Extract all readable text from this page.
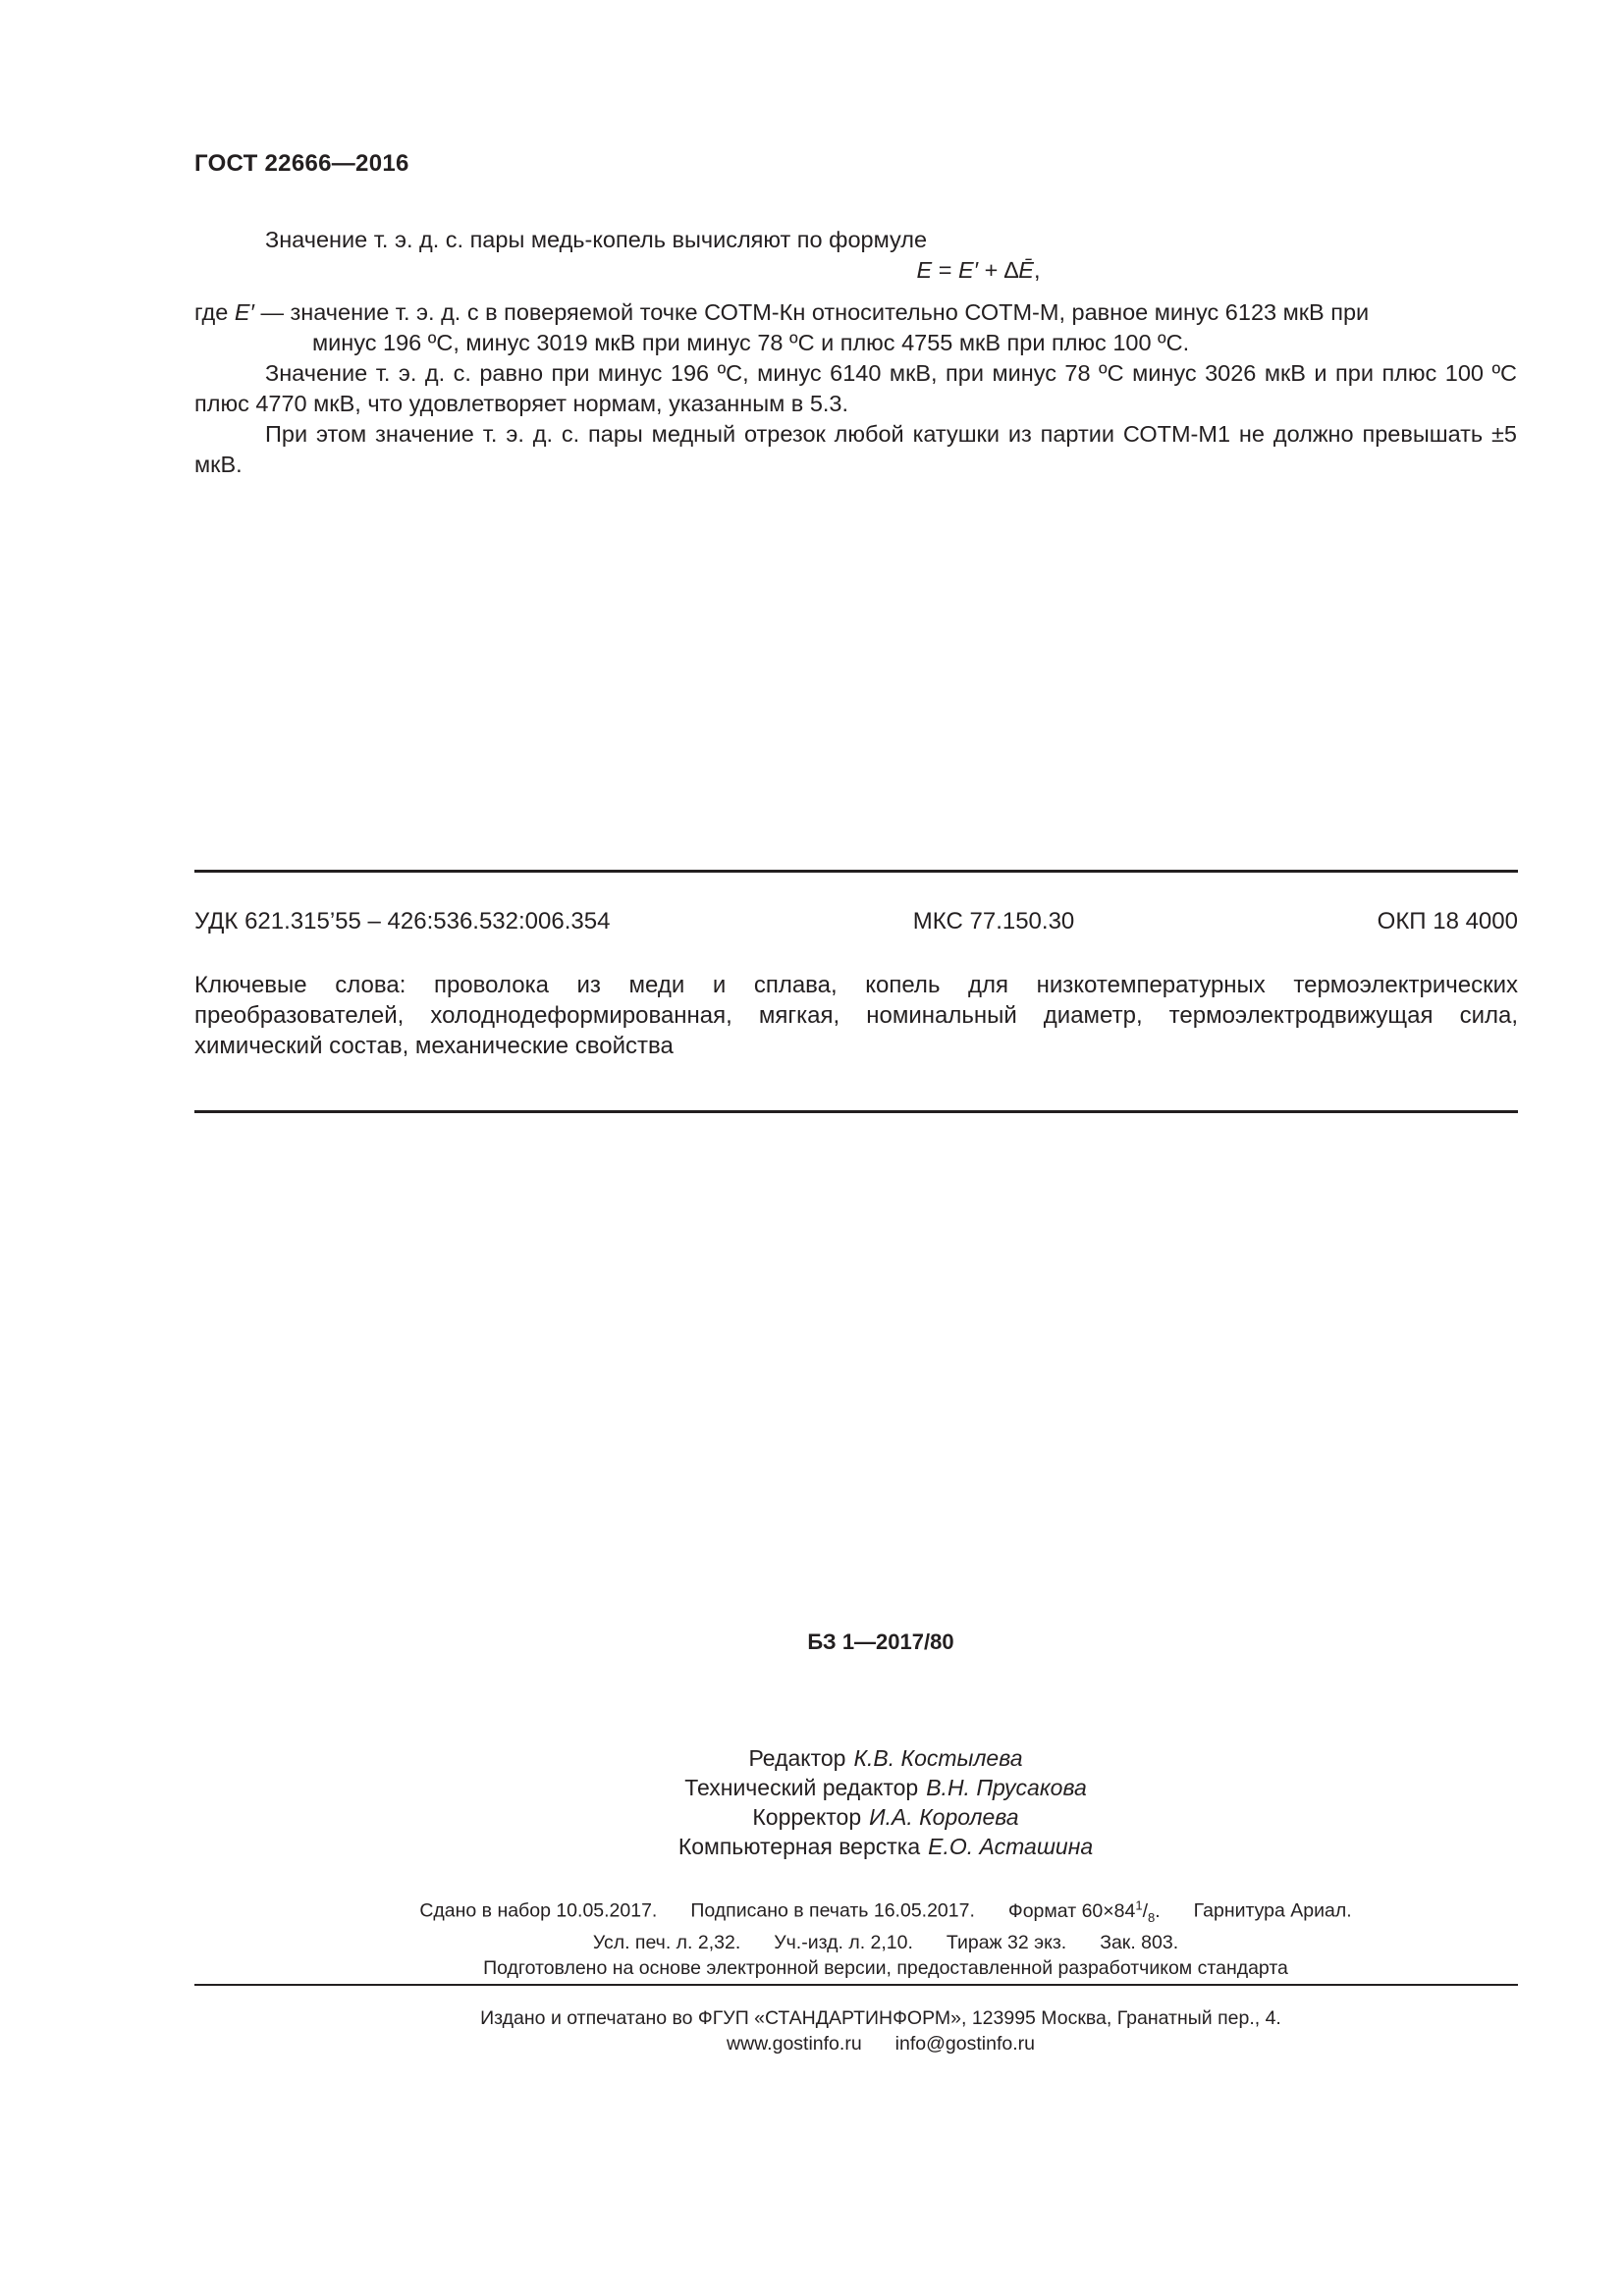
ГОСТ 22666—2016

Значение т. э. д. с. пары медь-копель вычисляют по формуле

E = E′ + ∆Ē,

где E′ — значение т. э. д. с в поверяемой точке СОТМ-Кн относительно СОТМ-М, равное минус 6123 мкВ при

минус 196 ºС, минус 3019 мкВ при минус 78 ºС и плюс 4755 мкВ при плюс 100 ºС.

Значение т. э. д. с. равно при минус 196 ºС, минус 6140 мкВ, при минус 78 ºС минус 3026 мкВ и при плюс 100 ºС плюс 4770 мкВ, что удовлетворяет нормам, указанным в 5.3.

При этом значение т. э. д. с. пары медный отрезок любой катушки из партии СОТМ-М1 не должно превышать ±5 мкВ.

УДК 621.315’55 – 426:536.532:006.354	МКС 77.150.30	ОКП 18 4000
Ключевые слова: проволока из меди и сплава, копель для низкотемпературных термоэлектрических преобразователей, холоднодеформированная, мягкая, номинальный диаметр, термоэлектродвижущая сила, химический состав, механические свойства
БЗ 1—2017/80
Редактор К.В. Костылева
Технический редактор В.Н. Прусакова
Корректор И.А. Королева
Компьютерная верстка Е.О. Асташина
Сдано в набор 10.05.2017. Подписано в печать 16.05.2017. Формат $60\times 84^1/_8$. Гарнитура Ариал.
Усл. печ. л. 2,32. Уч.-изд. л. 2,10. Тираж 32 экз. Зак. 803.
Подготовлено на основе электронной версии, предоставленной разработчиком стандарта
Издано и отпечатано во ФГУП «СТАНДАРТИНФОРМ», 123995 Москва, Гранатный пер., 4.
www.gostinfo.ru info@gostinfo.ru
